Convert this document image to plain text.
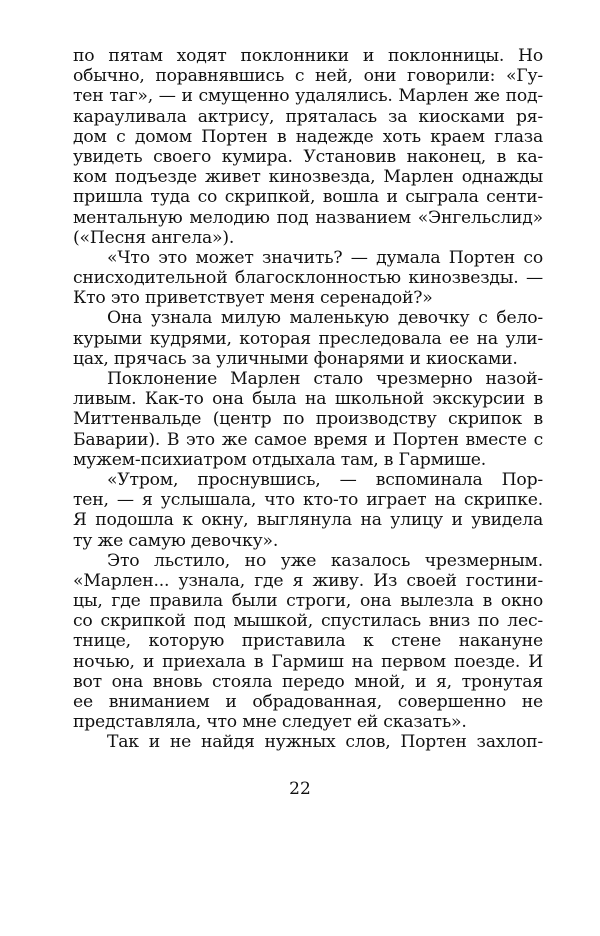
по пятам ходят поклонники и поклонницы. Но
обычно, поравнявшись с ней, они говорили: «Гу-
тен таг», — и смущенно удалялись. Марлен же под-
карауливала актрису, пряталась за киосками ря-
дом с домом Портен в надежде хоть краем глаза
увидеть своего кумира. Установив наконец, в ка-
ком подъезде живет кинозвезда, Марлен однажды
пришла туда со скрипкой, вошла и сыграла сенти-
ментальную мелодию под названием «Энгельслид»
(«Песня ангела»).
«Что это может значить? — думала Портен со
снисходительной благосклонностью кинозвезды. —
Кто это приветствует меня серенадой?»
Она узнала милую маленькую девочку с бело-
курыми кудрями, которая преследовала ее на ули-
цах, прячась за уличными фонарями и киосками.
Поклонение Марлен стало чрезмерно назой-
ливым. Как-то она была на школьной экскурсии в
Миттенвальде (центр по производству скрипок в
Баварии). В это же самое время и Портен вместе с
мужем-психиатром отдыхала там, в Гармише.
«Утром, проснувшись, — вспоминала Пор-
тен, — я услышала, что кто-то играет на скрипке.
Я подошла к окну, выглянула на улицу и увидела
ту же самую девочку».
Это льстило, но уже казалось чрезмерным.
«Марлен... узнала, где я живу. Из своей гостини-
цы, где правила были строги, она вылезла в окно
со скрипкой под мышкой, спустилась вниз по лес-
тнице, которую приставила к стене накануне
ночью, и приехала в Гармиш на первом поезде. И
вот она вновь стояла передо мной, и я, тронутая
ее вниманием и обрадованная, совершенно не
представляла, что мне следует ей сказать».
Так и не найдя нужных слов, Портен захлоп-
22
